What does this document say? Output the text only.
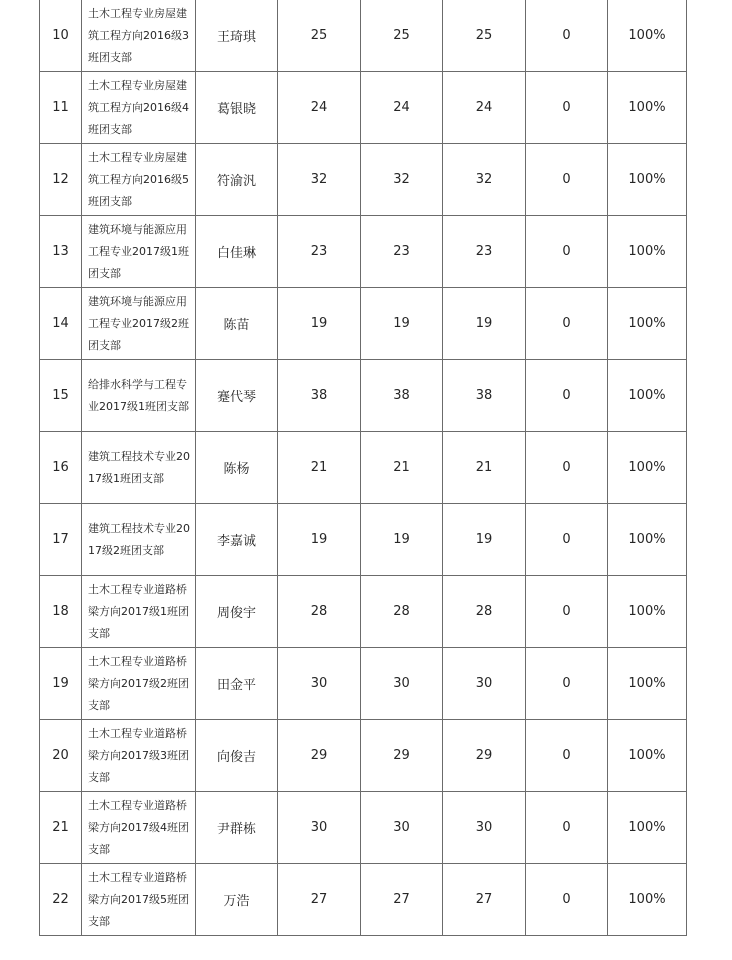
10	土木工程专业房屋建筑工程方向2016级3班团支部	王琦琪	25	25	25	0	100%
11	土木工程专业房屋建筑工程方向2016级4班团支部	葛银晓	24	24	24	0	100%
12	土木工程专业房屋建筑工程方向2016级5班团支部	符渝汎	32	32	32	0	100%
13	建筑环境与能源应用工程专业2017级1班团支部	白佳琳	23	23	23	0	100%
14	建筑环境与能源应用工程专业2017级2班团支部	陈苗	19	19	19	0	100%
15	给排水科学与工程专业2017级1班团支部	蹇代琴	38	38	38	0	100%
16	建筑工程技术专业2017级1班团支部	陈杨	21	21	21	0	100%
17	建筑工程技术专业2017级2班团支部	李嘉诚	19	19	19	0	100%
18	土木工程专业道路桥梁方向2017级1班团支部	周俊宇	28	28	28	0	100%
19	土木工程专业道路桥梁方向2017级2班团支部	田金平	30	30	30	0	100%
20	土木工程专业道路桥梁方向2017级3班团支部	向俊吉	29	29	29	0	100%
21	土木工程专业道路桥梁方向2017级4班团支部	尹群栋	30	30	30	0	100%
22	土木工程专业道路桥梁方向2017级5班团支部	万浩	27	27	27	0	100%
